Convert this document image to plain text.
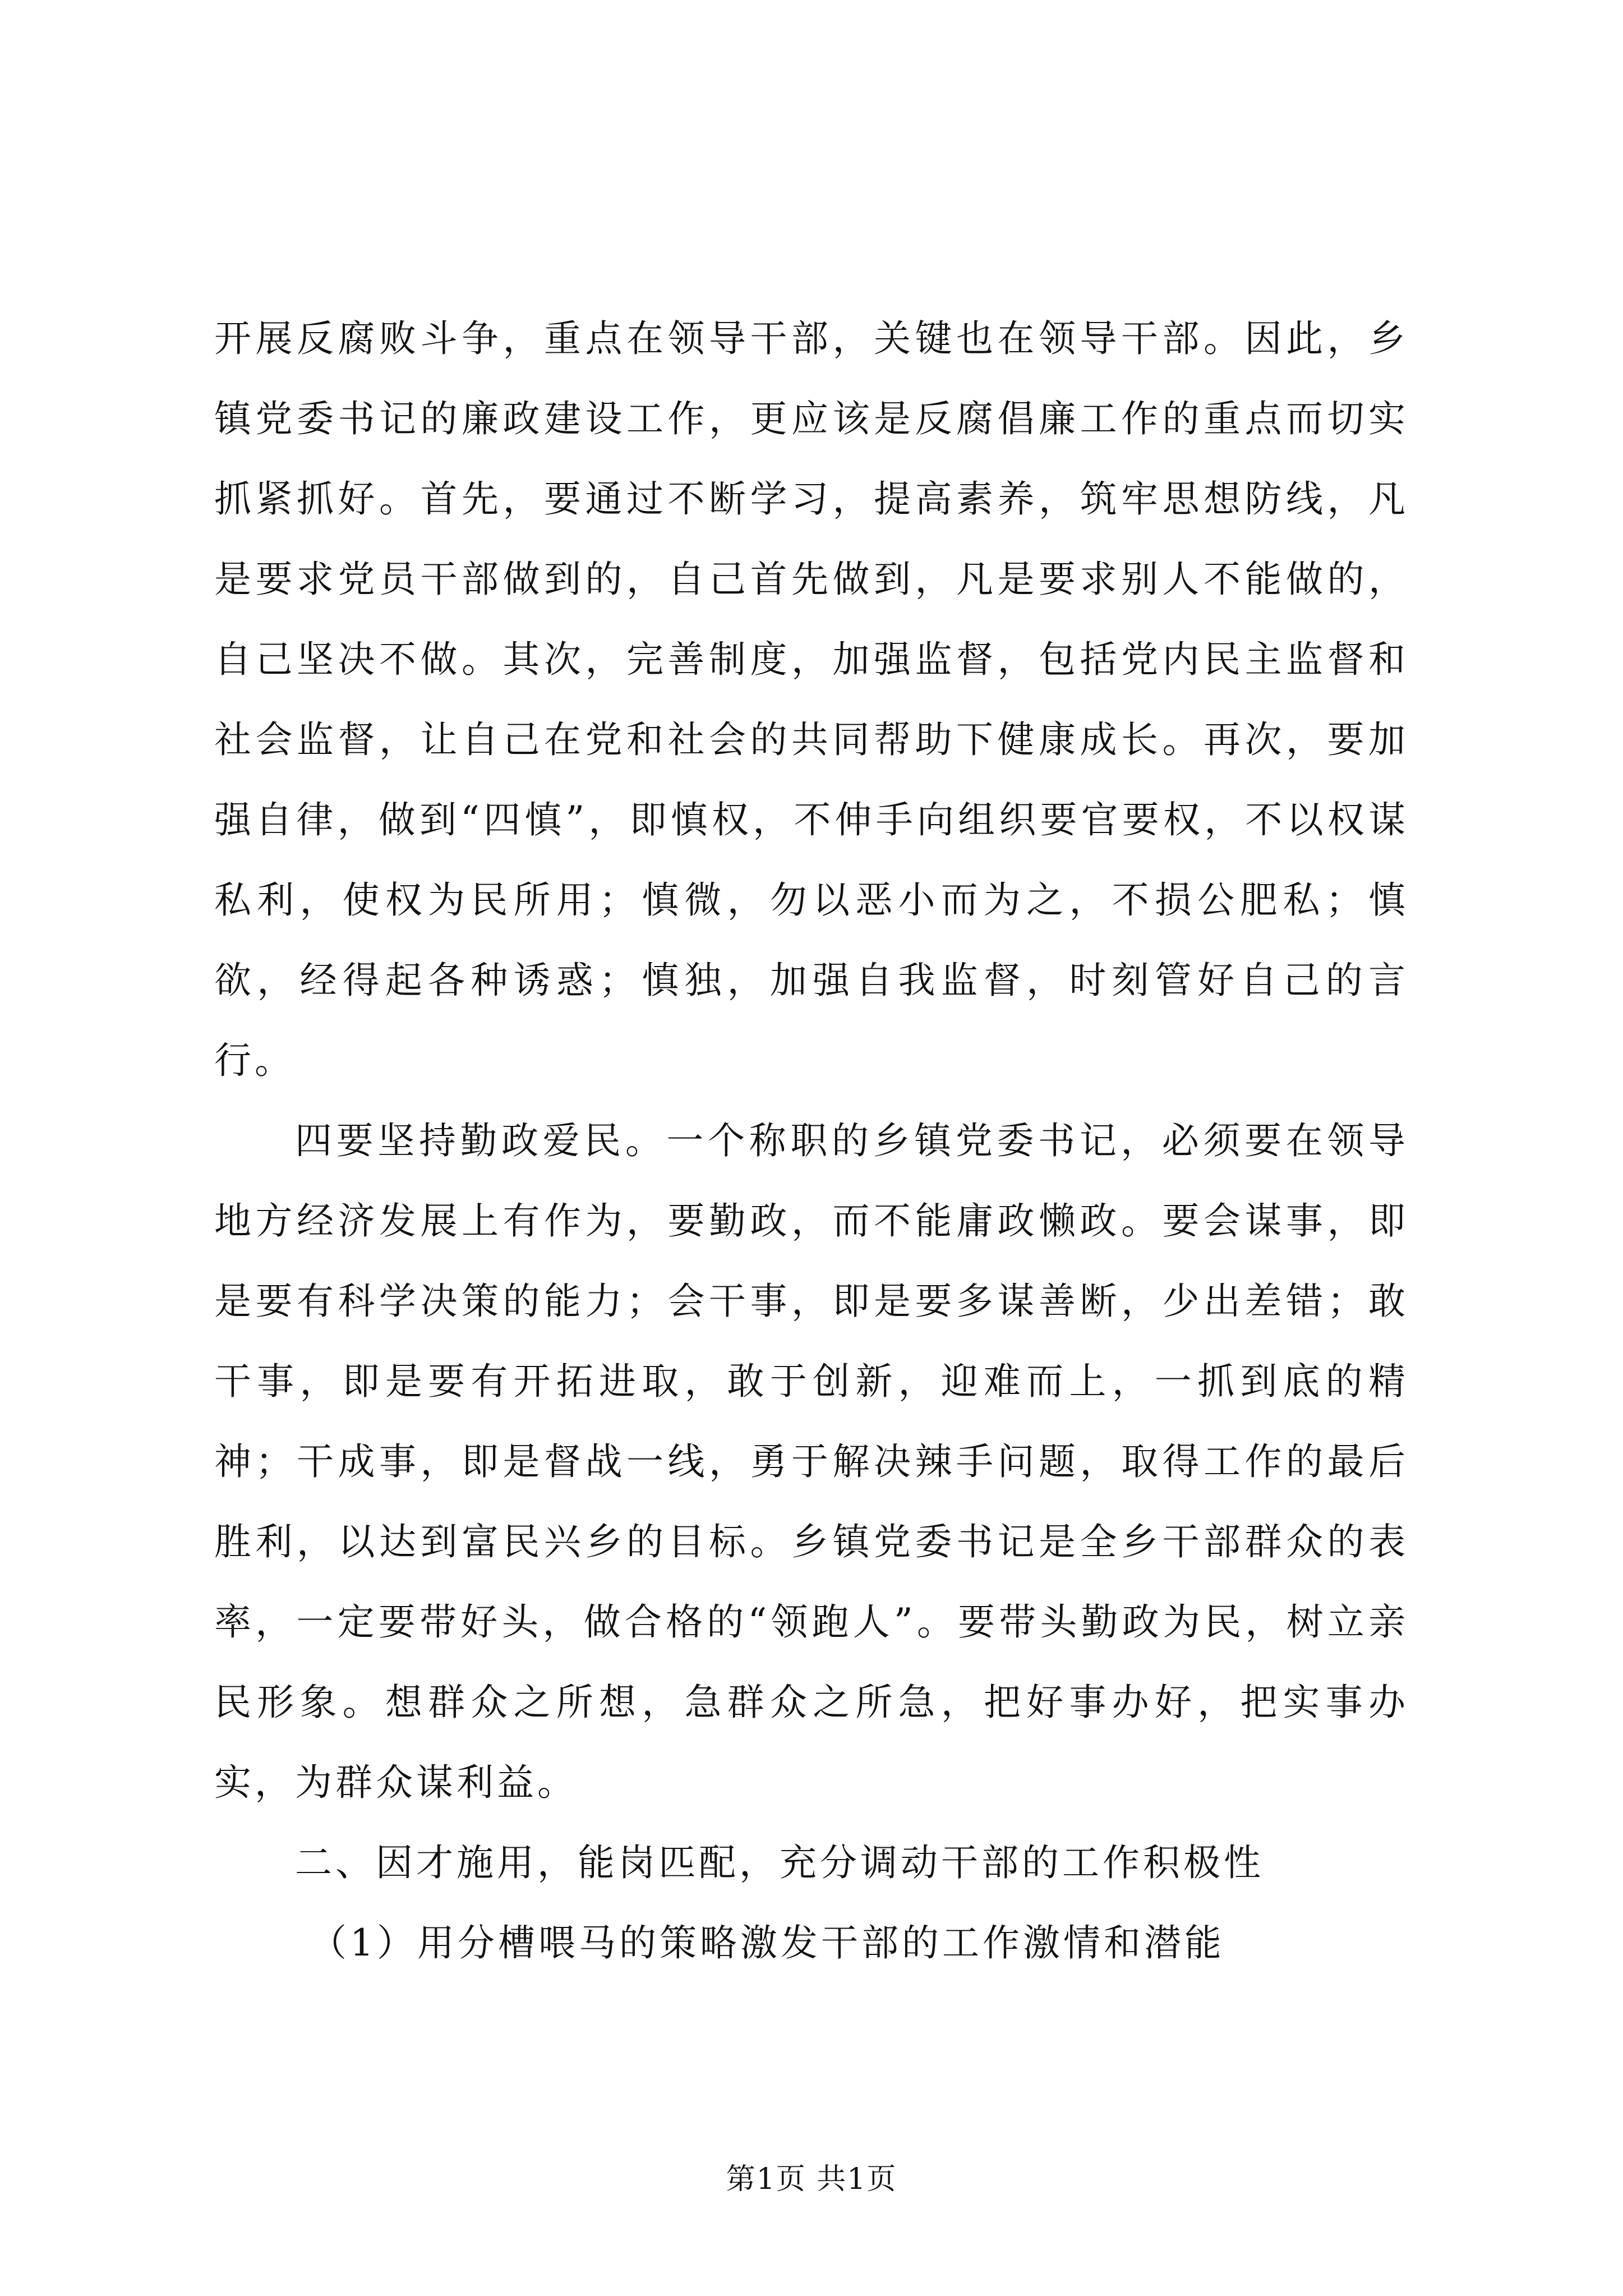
开展反腐败斗争，重点在领导干部，关键也在领导干部。因此，乡镇党委书记的廉政建设工作，更应该是反腐倡廉工作的重点而切实抓紧抓好。首先，要通过不断学习，提高素养，筑牢思想防线，凡是要求党员干部做到的，自己首先做到，凡是要求别人不能做的，自己坚决不做。其次，完善制度，加强监督，包括党内民主监督和社会监督，让自己在党和社会的共同帮助下健康成长。再次，要加强自律，做到“四慎”，即慎权，不伸手向组织要官要权，不以权谋私利，使权为民所用；慎微，勿以恶小而为之，不损公肥私；慎欲，经得起各种诱惑；慎独，加强自我监督，时刻管好自己的言行。

四要坚持勤政爱民。一个称职的乡镇党委书记，必须要在领导地方经济发展上有作为，要勤政，而不能庸政懒政。要会谋事，即是要有科学决策的能力；会干事，即是要多谋善断，少出差错；敢干事，即是要有开拓进取，敢于创新，迎难而上，一抓到底的精神；干成事，即是督战一线，勇于解决辣手问题，取得工作的最后胜利，以达到富民兴乡的目标。乡镇党委书记是全乡干部群众的表率，一定要带好头，做合格的“领跑人”。要带头勤政为民，树立亲民形象。想群众之所想，急群众之所急，把好事办好，把实事办实，为群众谋利益。

二、因才施用，能岗匹配，充分调动干部的工作积极性

（1）用分槽喂马的策略激发干部的工作激情和潜能

第1页 共1页
